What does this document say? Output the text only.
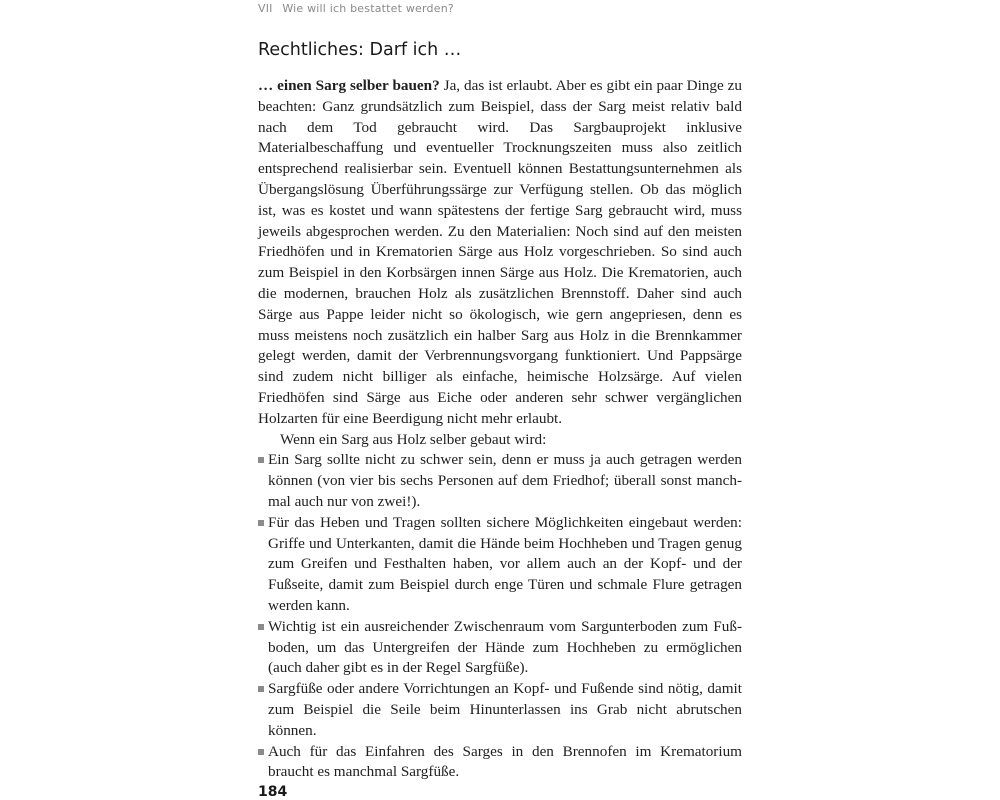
VII Wie will ich bestattet werden?
Rechtliches: Darf ich …

… einen Sarg selber bauen? Ja, das ist erlaubt. Aber es gibt ein paar Dinge zu beachten: Ganz grundsätzlich zum Beispiel, dass der Sarg meist relativ bald nach dem Tod gebraucht wird. Das Sargbauprojekt inklusive Materialbeschaffung und eventueller Trocknungszeiten muss also zeitlich entsprechend realisierbar sein. Eventuell können Bestattungsunternehmen als Übergangslösung Überführungssärge zur Verfügung stellen. Ob das möglich ist, was es kostet und wann spätestens der fertige Sarg gebraucht wird, muss jeweils abgesprochen werden. Zu den Materialien: Noch sind auf den meisten Friedhöfen und in Krematorien Särge aus Holz vorgeschrieben. So sind auch zum Beispiel in den Korbsärgen innen Särge aus Holz. Die Krematorien, auch die modernen, brauchen Holz als zusätzlichen Brennstoff. Daher sind auch Särge aus Pappe leider nicht so ökologisch, wie gern angepriesen, denn es muss meistens noch zusätzlich ein halber Sarg aus Holz in die Brennkammer gelegt werden, damit der Verbrennungsvorgang funktioniert. Und Pappsärge sind zudem nicht billiger als einfache, heimische Holzsärge. Auf vielen Friedhöfen sind Särge aus Eiche oder anderen sehr schwer vergänglichen Holzarten für eine Beerdigung nicht mehr erlaubt.

Wenn ein Sarg aus Holz selber gebaut wird:

Ein Sarg sollte nicht zu schwer sein, denn er muss ja auch getragen werden können (von vier bis sechs Personen auf dem Friedhof; überall sonst manchmal auch nur von zwei!).
Für das Heben und Tragen sollten sichere Möglichkeiten eingebaut werden: Griffe und Unterkanten, damit die Hände beim Hochheben und Tragen genug zum Greifen und Festhalten haben, vor allem auch an der Kopf- und der Fußseite, damit zum Beispiel durch enge Türen und schmale Flure getragen werden kann.
Wichtig ist ein ausreichender Zwischenraum vom Sargunterboden zum Fußboden, um das Untergreifen der Hände zum Hochheben zu ermöglichen (auch daher gibt es in der Regel Sargfüße).
Sargfüße oder andere Vorrichtungen an Kopf- und Fußende sind nötig, damit zum Beispiel die Seile beim Hinunterlassen ins Grab nicht abrutschen können.
Auch für das Einfahren des Sarges in den Brennofen im Krematorium braucht es manchmal Sargfüße.
184
